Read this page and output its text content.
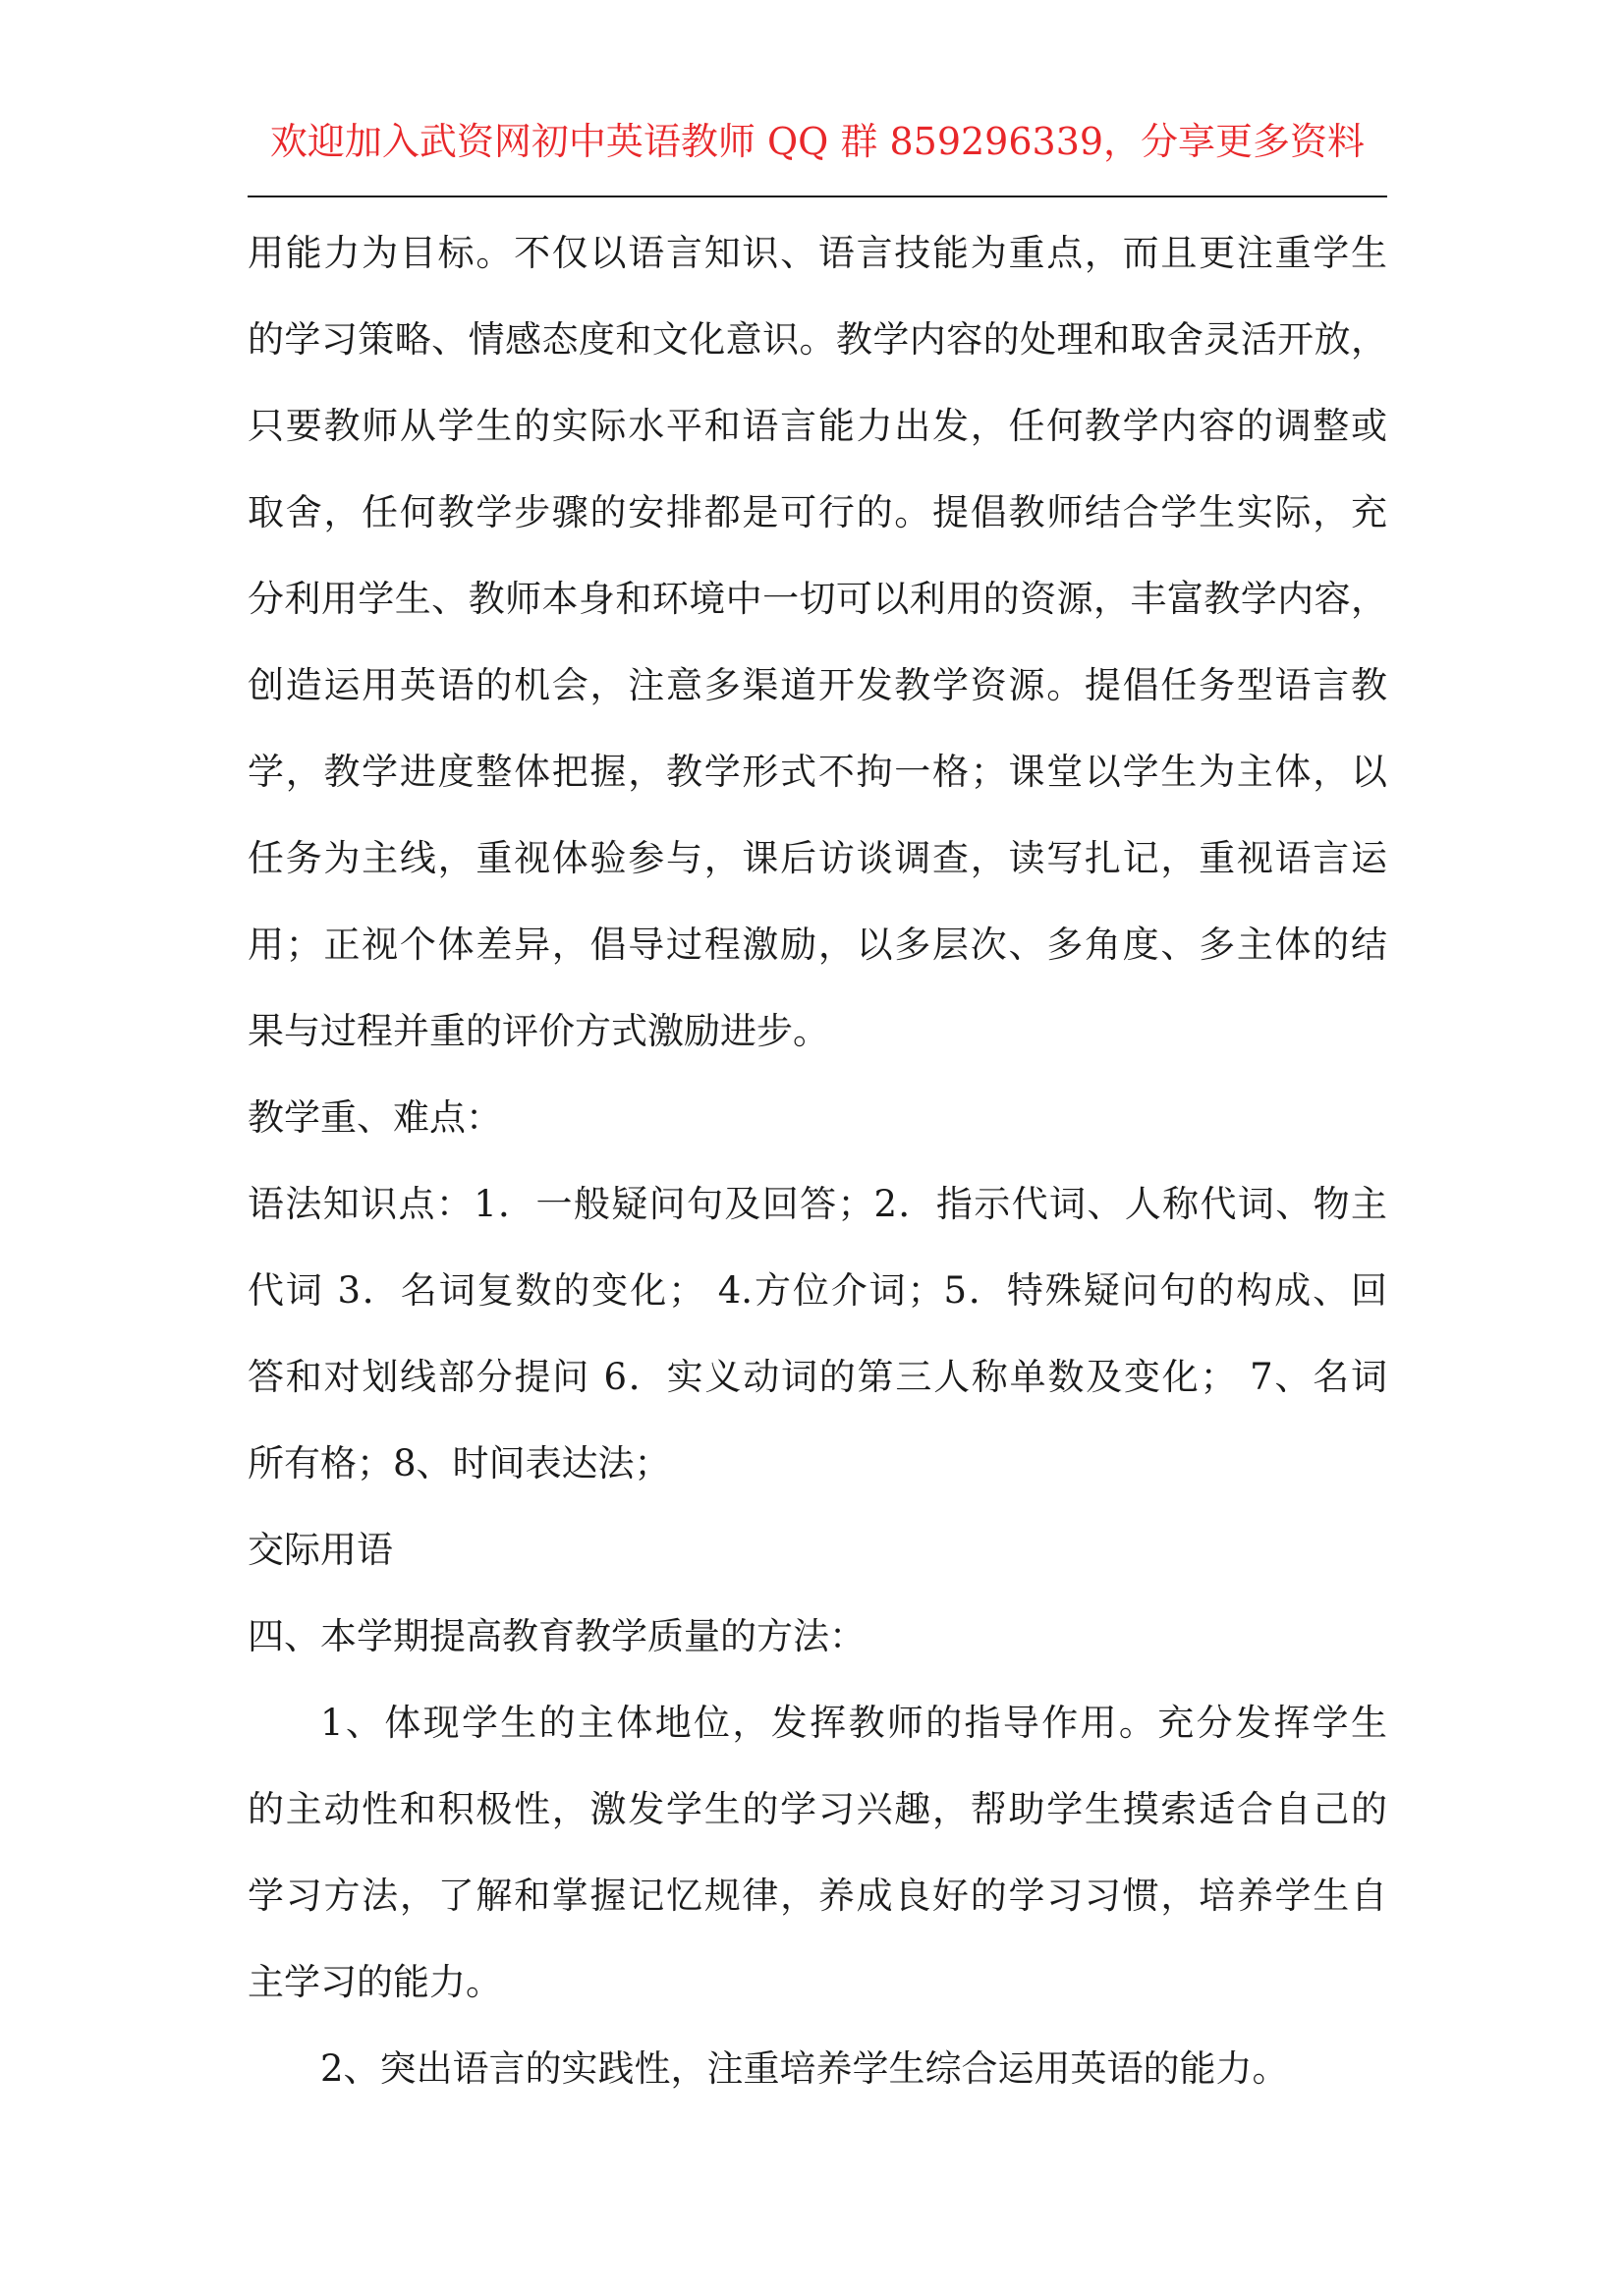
欢迎加入武资网初中英语教师 QQ 群 859296339，分享更多资料
用能力为目标。不仅以语言知识、语言技能为重点，而且更注重学生
的学习策略、情感态度和文化意识。教学内容的处理和取舍灵活开放，
只要教师从学生的实际水平和语言能力出发，任何教学内容的调整或
取舍，任何教学步骤的安排都是可行的。提倡教师结合学生实际，充
分利用学生、教师本身和环境中一切可以利用的资源，丰富教学内容，
创造运用英语的机会，注意多渠道开发教学资源。提倡任务型语言教
学，教学进度整体把握，教学形式不拘一格；课堂以学生为主体，以
任务为主线，重视体验参与，课后访谈调查，读写扎记，重视语言运
用；正视个体差异，倡导过程激励，以多层次、多角度、多主体的结
果与过程并重的评价方式激励进步。
教学重、难点：
语法知识点：1．一般疑问句及回答；2．指示代词、人称代词、物主
代词 3．名词复数的变化； 4.方位介词；5．特殊疑问句的构成、回
答和对划线部分提问 6．实义动词的第三人称单数及变化； 7、名词
所有格；8、时间表达法；
交际用语
四、本学期提高教育教学质量的方法：
1、体现学生的主体地位，发挥教师的指导作用。充分发挥学生
的主动性和积极性，激发学生的学习兴趣，帮助学生摸索适合自己的
学习方法，了解和掌握记忆规律，养成良好的学习习惯，培养学生自
主学习的能力。
2、突出语言的实践性，注重培养学生综合运用英语的能力。
